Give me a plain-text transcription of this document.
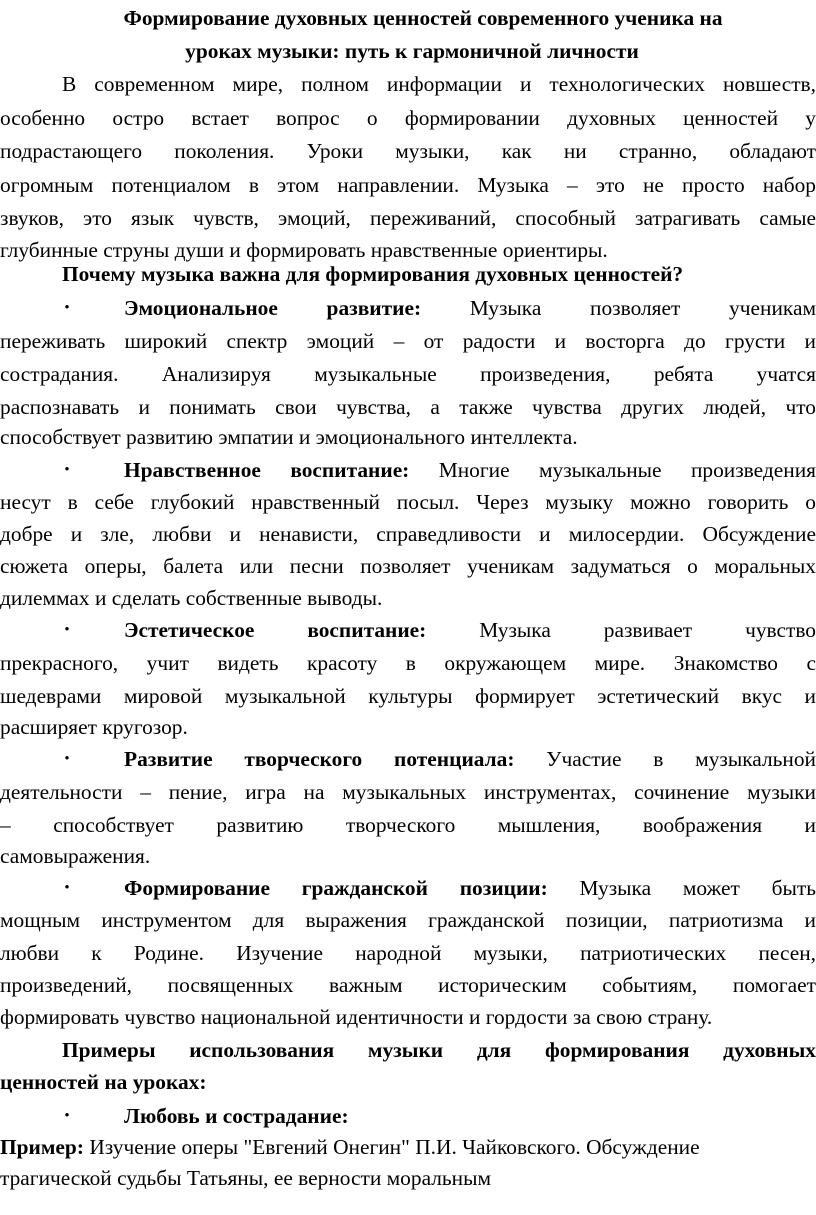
Формирование духовных ценностей современного ученика на
уроках музыки: путь к гармоничной личности
В современном мире, полном информации и технологических новшеств,
особенно остро встает вопрос о формировании духовных ценностей у
подрастающего поколения. Уроки музыки, как ни странно, обладают
огромным потенциалом в этом направлении. Музыка – это не просто набор
звуков, это язык чувств, эмоций, переживаний, способный затрагивать самые
глубинные струны души и формировать нравственные ориентиры.
Почему музыка важна для формирования духовных ценностей?
•	Эмоциональное развитие: Музыка позволяет ученикам
переживать широкий спектр эмоций – от радости и восторга до грусти и
сострадания. Анализируя музыкальные произведения, ребята учатся
распознавать и понимать свои чувства, а также чувства других людей, что
способствует развитию эмпатии и эмоционального интеллекта.
•	Нравственное воспитание: Многие музыкальные произведения
несут в себе глубокий нравственный посыл. Через музыку можно говорить о
добре и зле, любви и ненависти, справедливости и милосердии. Обсуждение
сюжета оперы, балета или песни позволяет ученикам задуматься о моральных
дилеммах и сделать собственные выводы.
•	Эстетическое воспитание: Музыка развивает чувство
прекрасного, учит видеть красоту в окружающем мире. Знакомство с
шедеврами мировой музыкальной культуры формирует эстетический вкус и
расширяет кругозор.
•	Развитие творческого потенциала: Участие в музыкальной
деятельности – пение, игра на музыкальных инструментах, сочинение музыки
– способствует развитию творческого мышления, воображения и
самовыражения.
•	Формирование гражданской позиции: Музыка может быть
мощным инструментом для выражения гражданской позиции, патриотизма и
любви к Родине. Изучение народной музыки, патриотических песен,
произведений, посвященных важным историческим событиям, помогает
формировать чувство национальной идентичности и гордости за свою страну.
Примеры использования музыки для формирования духовных
ценностей на уроках:
•	Любовь и сострадание:
Пример: Изучение оперы "Евгений Онегин" П.И. Чайковского. Обсуждение
трагической судьбы Татьяны, ее верности моральным
